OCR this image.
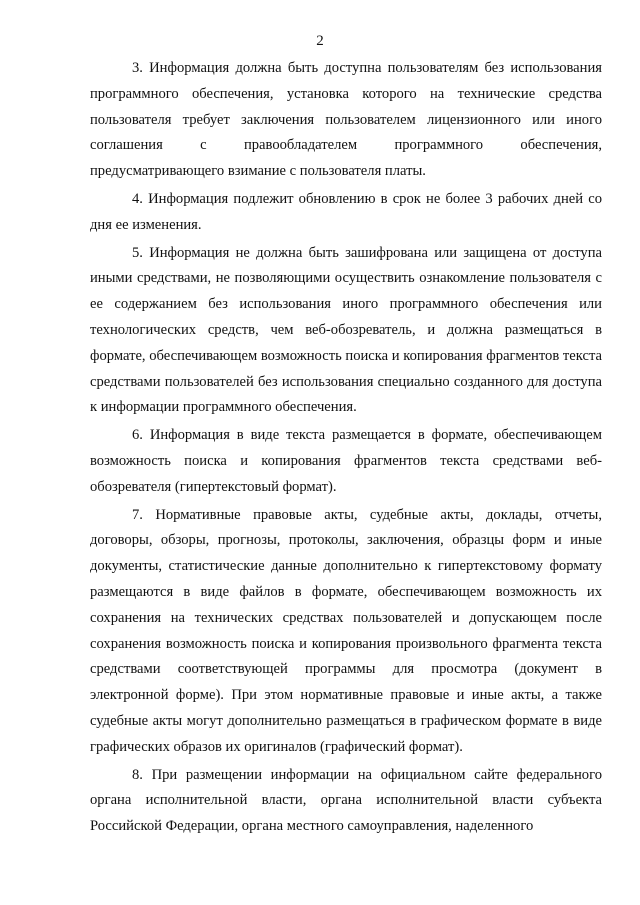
2

3. Информация должна быть доступна пользователям без использования программного обеспечения, установка которого на технические средства пользователя требует заключения пользователем лицензионного или иного соглашения с правообладателем программного обеспечения, предусматривающего взимание с пользователя платы.

4. Информация подлежит обновлению в срок не более 3 рабочих дней со дня ее изменения.

5. Информация не должна быть зашифрована или защищена от доступа иными средствами, не позволяющими осуществить ознакомление пользователя с ее содержанием без использования иного программного обеспечения или технологических средств, чем веб-обозреватель, и должна размещаться в формате, обеспечивающем возможность поиска и копирования фрагментов текста средствами пользователей без использования специально созданного для доступа к информации программного обеспечения.

6. Информация в виде текста размещается в формате, обеспечивающем возможность поиска и копирования фрагментов текста средствами веб-обозревателя (гипертекстовый формат).

7. Нормативные правовые акты, судебные акты, доклады, отчеты, договоры, обзоры, прогнозы, протоколы, заключения, образцы форм и иные документы, статистические данные дополнительно к гипертекстовому формату размещаются в виде файлов в формате, обеспечивающем возможность их сохранения на технических средствах пользователей и допускающем после сохранения возможность поиска и копирования произвольного фрагмента текста средствами соответствующей программы для просмотра (документ в электронной форме). При этом нормативные правовые и иные акты, а также судебные акты могут дополнительно размещаться в графическом формате в виде графических образов их оригиналов (графический формат).

8. При размещении информации на официальном сайте федерального органа исполнительной власти, органа исполнительной власти субъекта Российской Федерации, органа местного самоуправления, наделенного
